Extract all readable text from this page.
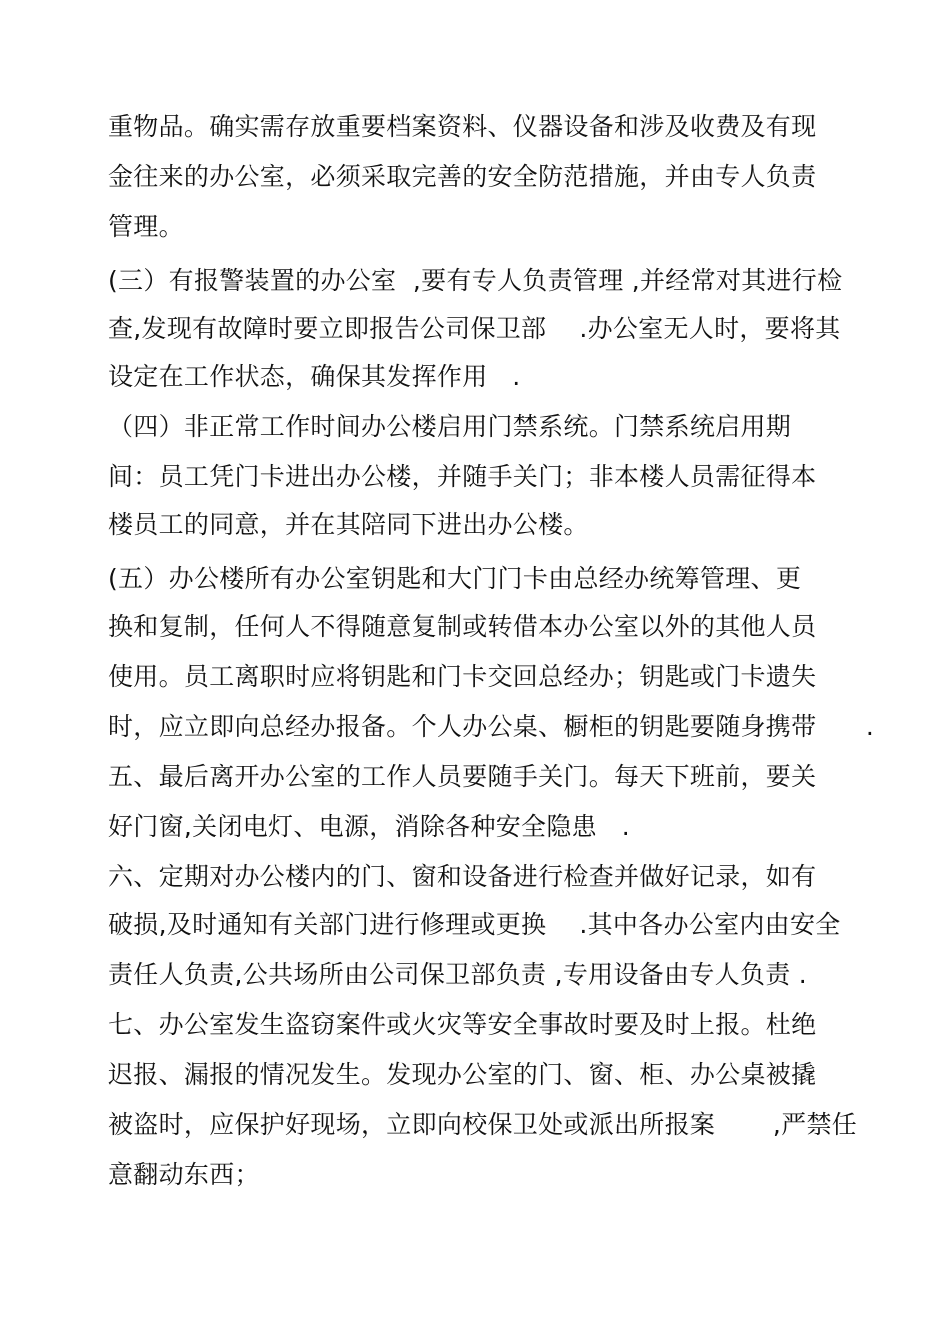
重物品。确实需存放重要档案资料、仪器设备和涉及收费及有现
金往来的办公室，必须采取完善的安全防范措施，并由专人负责
管理。
(三）有报警装置的办公室  ,要有专人负责管理 ,并经常对其进行检
查,发现有故障时要立即报告公司保卫部    .办公室无人时，要将其
设定在工作状态，确保其发挥作用   .
（四）非正常工作时间办公楼启用门禁系统。门禁系统启用期
间：员工凭门卡进出办公楼，并随手关门；非本楼人员需征得本
楼员工的同意，并在其陪同下进出办公楼。
(五）办公楼所有办公室钥匙和大门门卡由总经办统筹管理、更
换和复制，任何人不得随意复制或转借本办公室以外的其他人员
使用。员工离职时应将钥匙和门卡交回总经办；钥匙或门卡遗失
时，应立即向总经办报备。个人办公桌、橱柜的钥匙要随身携带      .
五、最后离开办公室的工作人员要随手关门。每天下班前，要关
好门窗,关闭电灯、电源，消除各种安全隐患   .
六、定期对办公楼内的门、窗和设备进行检查并做好记录，如有
破损,及时通知有关部门进行修理或更换    .其中各办公室内由安全
责任人负责,公共场所由公司保卫部负责 ,专用设备由专人负责 .
七、办公室发生盗窃案件或火灾等安全事故时要及时上报。杜绝
迟报、漏报的情况发生。发现办公室的门、窗、柜、办公桌被撬
被盗时，应保护好现场，立即向校保卫处或派出所报案       ,严禁任
意翻动东西；
